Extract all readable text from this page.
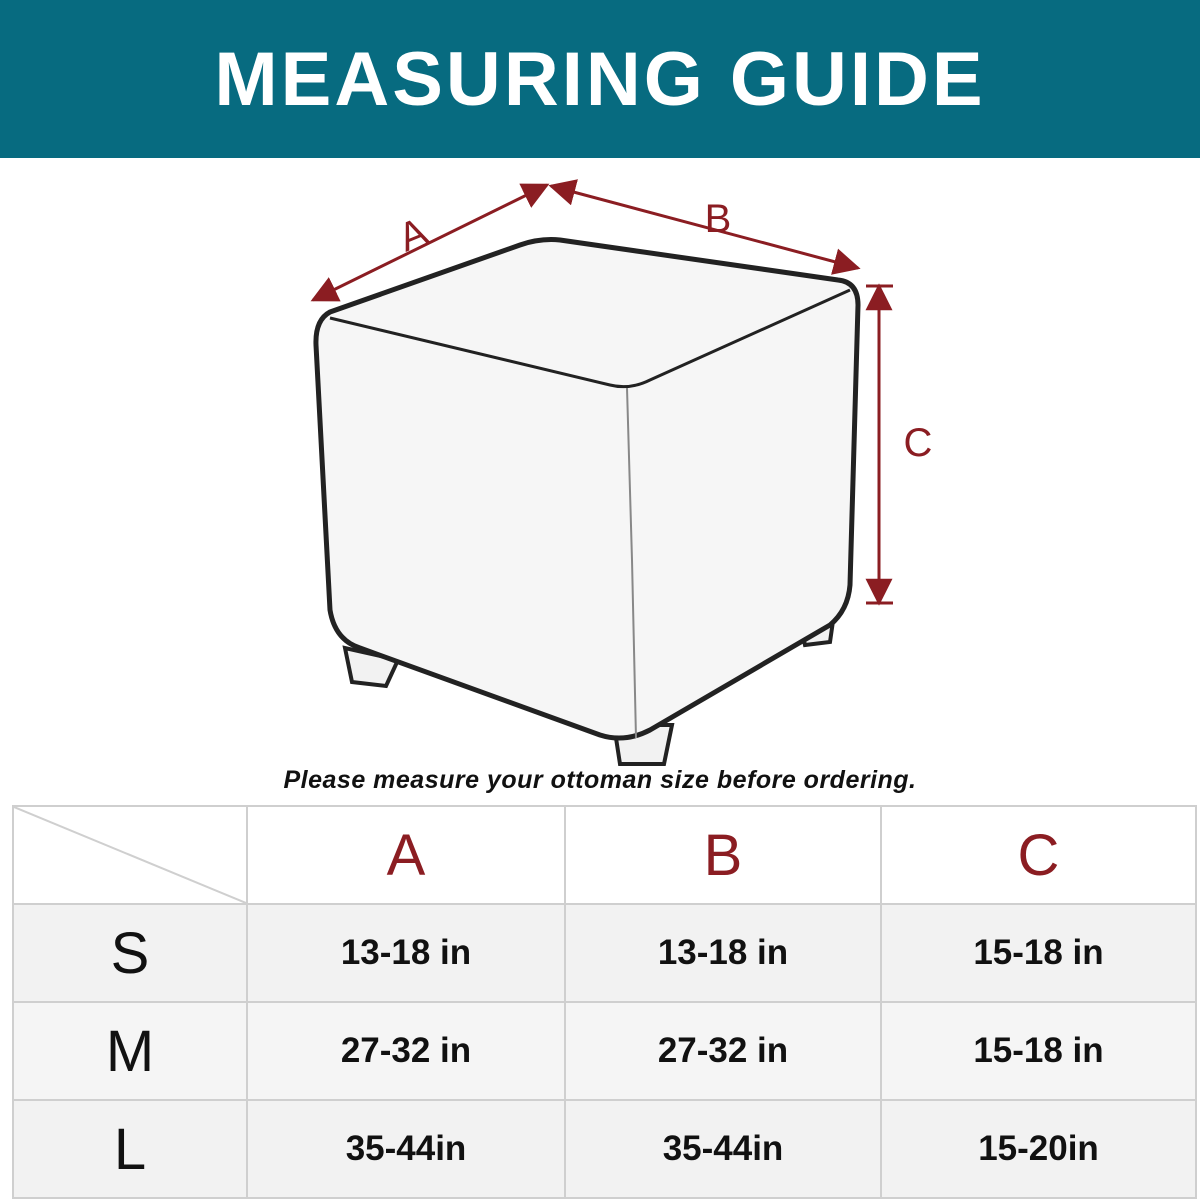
MEASURING GUIDE
A	B
C
Please measure your ottoman size before ordering.
	A	B	C
S	13-18 in	13-18 in	15-18 in
M	27-32 in	27-32 in	15-18 in
L	35-44in	35-44in	15-20in
